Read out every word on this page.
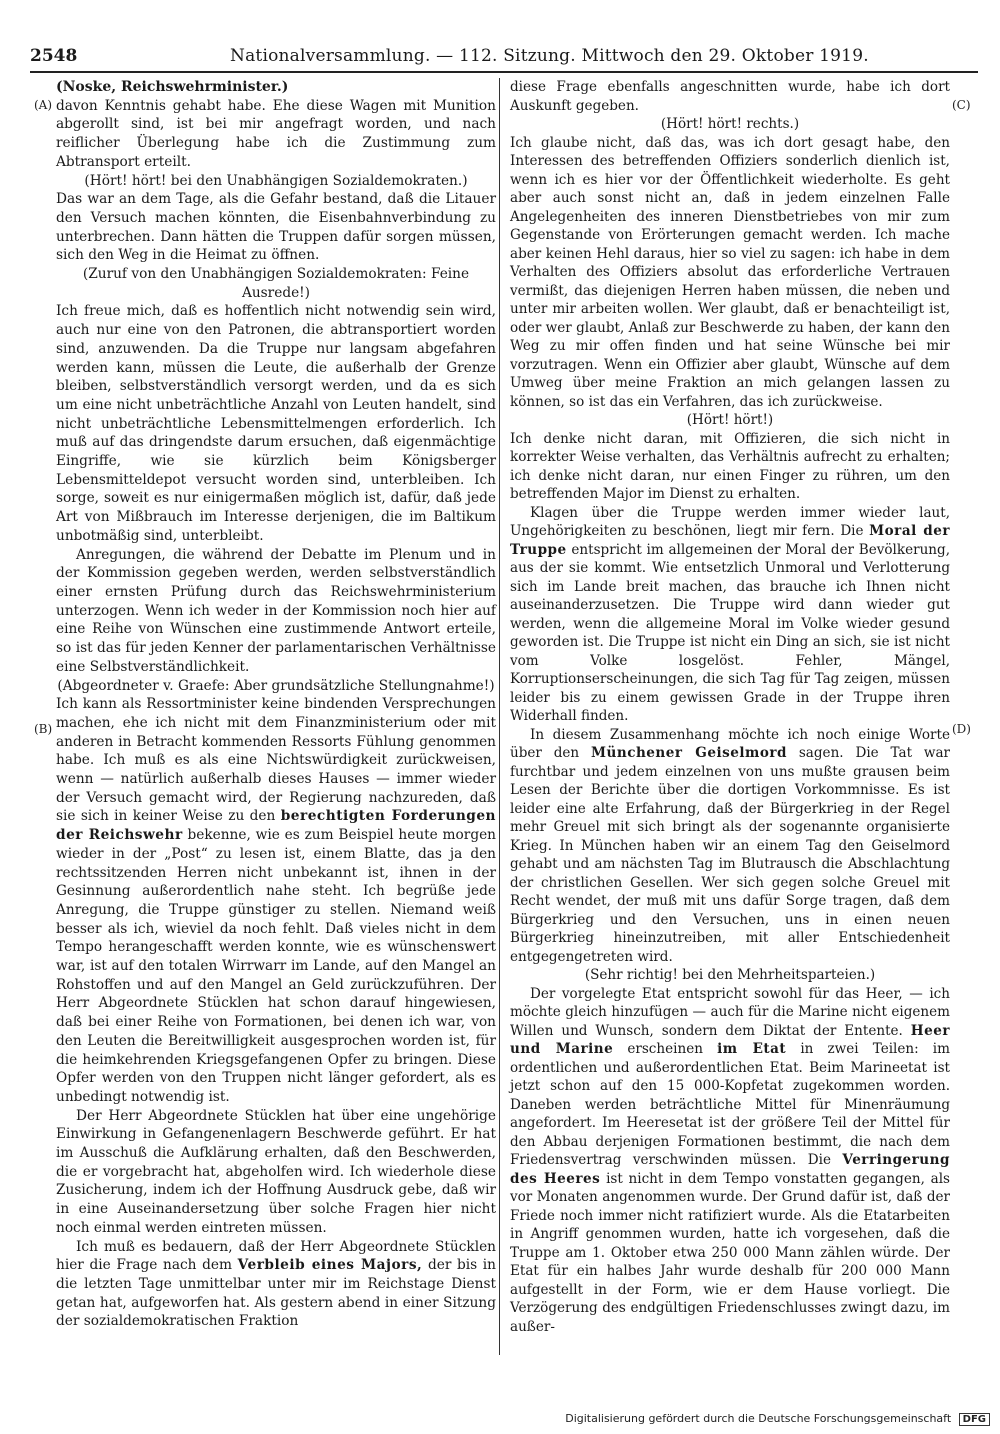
2548	Nationalversammlung. — 112. Sitzung. Mittwoch den 29. Oktober 1919.
(A)
(B)
(C)
(D)

(Noske, Reichswehrminister.)

davon Kenntnis gehabt habe. Ehe diese Wagen mit Munition abgerollt sind, ist bei mir angefragt worden, und nach reiflicher Überlegung habe ich die Zustimmung zum Abtransport erteilt.

(Hört! hört! bei den Unabhängigen Sozialdemokraten.)

Das war an dem Tage, als die Gefahr bestand, daß die Litauer den Versuch machen könnten, die Eisenbahnverbindung zu unterbrechen. Dann hätten die Truppen dafür sorgen müssen, sich den Weg in die Heimat zu öffnen.

(Zuruf von den Unabhängigen Sozialdemokraten: Feine Ausrede!)

Ich freue mich, daß es hoffentlich nicht notwendig sein wird, auch nur eine von den Patronen, die abtransportiert worden sind, anzuwenden. Da die Truppe nur langsam abgefahren werden kann, müssen die Leute, die außerhalb der Grenze bleiben, selbstverständlich versorgt werden, und da es sich um eine nicht unbeträchtliche Anzahl von Leuten handelt, sind nicht unbeträchtliche Lebensmittelmengen erforderlich. Ich muß auf das dringendste darum ersuchen, daß eigenmächtige Eingriffe, wie sie kürzlich beim Königsberger Lebensmitteldepot versucht worden sind, unterbleiben. Ich sorge, soweit es nur einigermaßen möglich ist, dafür, daß jede Art von Mißbrauch im Interesse derjenigen, die im Baltikum unbotmäßig sind, unterbleibt.

Anregungen, die während der Debatte im Plenum und in der Kommission gegeben werden, werden selbstverständlich einer ernsten Prüfung durch das Reichswehrministerium unterzogen. Wenn ich weder in der Kommission noch hier auf eine Reihe von Wünschen eine zustimmende Antwort erteile, so ist das für jeden Kenner der parlamentarischen Verhältnisse eine Selbstverständlichkeit.

(Abgeordneter v. Graefe: Aber grundsätzliche Stellungnahme!)

Ich kann als Ressortminister keine bindenden Versprechungen machen, ehe ich nicht mit dem Finanzministerium oder mit anderen in Betracht kommenden Ressorts Fühlung genommen habe. Ich muß es als eine Nichtswürdigkeit zurückweisen, wenn — natürlich außerhalb dieses Hauses — immer wieder der Versuch gemacht wird, der Regierung nachzureden, daß sie sich in keiner Weise zu den berechtigten Forderungen der Reichswehr bekenne, wie es zum Beispiel heute morgen wieder in der „Post“ zu lesen ist, einem Blatte, das ja den rechtssitzenden Herren nicht unbekannt ist, ihnen in der Gesinnung außerordentlich nahe steht. Ich begrüße jede Anregung, die Truppe günstiger zu stellen. Niemand weiß besser als ich, wieviel da noch fehlt. Daß vieles nicht in dem Tempo herangeschafft werden konnte, wie es wünschenswert war, ist auf den totalen Wirrwarr im Lande, auf den Mangel an Rohstoffen und auf den Mangel an Geld zurückzuführen. Der Herr Abgeordnete Stücklen hat schon darauf hingewiesen, daß bei einer Reihe von Formationen, bei denen ich war, von den Leuten die Bereitwilligkeit ausgesprochen worden ist, für die heimkehrenden Kriegsgefangenen Opfer zu bringen. Diese Opfer werden von den Truppen nicht länger gefordert, als es unbedingt notwendig ist.

Der Herr Abgeordnete Stücklen hat über eine ungehörige Einwirkung in Gefangenenlagern Beschwerde geführt. Er hat im Ausschuß die Aufklärung erhalten, daß den Beschwerden, die er vorgebracht hat, abgeholfen wird. Ich wiederhole diese Zusicherung, indem ich der Hoffnung Ausdruck gebe, daß wir in eine Auseinandersetzung über solche Fragen hier nicht noch einmal werden eintreten müssen.

Ich muß es bedauern, daß der Herr Abgeordnete Stücklen hier die Frage nach dem Verbleib eines Majors, der bis in die letzten Tage unmittelbar unter mir im Reichstage Dienst getan hat, aufgeworfen hat. Als gestern abend in einer Sitzung der sozialdemokratischen Fraktion

diese Frage ebenfalls angeschnitten wurde, habe ich dort Auskunft gegeben.

(Hört! hört! rechts.)

Ich glaube nicht, daß das, was ich dort gesagt habe, den Interessen des betreffenden Offiziers sonderlich dienlich ist, wenn ich es hier vor der Öffentlichkeit wiederholte. Es geht aber auch sonst nicht an, daß in jedem einzelnen Falle Angelegenheiten des inneren Dienstbetriebes von mir zum Gegenstande von Erörterungen gemacht werden. Ich mache aber keinen Hehl daraus, hier so viel zu sagen: ich habe in dem Verhalten des Offiziers absolut das erforderliche Vertrauen vermißt, das diejenigen Herren haben müssen, die neben und unter mir arbeiten wollen. Wer glaubt, daß er benachteiligt ist, oder wer glaubt, Anlaß zur Beschwerde zu haben, der kann den Weg zu mir offen finden und hat seine Wünsche bei mir vorzutragen. Wenn ein Offizier aber glaubt, Wünsche auf dem Umweg über meine Fraktion an mich gelangen lassen zu können, so ist das ein Verfahren, das ich zurückweise.

(Hört! hört!)

Ich denke nicht daran, mit Offizieren, die sich nicht in korrekter Weise verhalten, das Verhältnis aufrecht zu erhalten; ich denke nicht daran, nur einen Finger zu rühren, um den betreffenden Major im Dienst zu erhalten.

Klagen über die Truppe werden immer wieder laut, Ungehörigkeiten zu beschönen, liegt mir fern. Die Moral der Truppe entspricht im allgemeinen der Moral der Bevölkerung, aus der sie kommt. Wie entsetzlich Unmoral und Verlotterung sich im Lande breit machen, das brauche ich Ihnen nicht auseinanderzusetzen. Die Truppe wird dann wieder gut werden, wenn die allgemeine Moral im Volke wieder gesund geworden ist. Die Truppe ist nicht ein Ding an sich, sie ist nicht vom Volke losgelöst. Fehler, Mängel, Korruptionserscheinungen, die sich Tag für Tag zeigen, müssen leider bis zu einem gewissen Grade in der Truppe ihren Widerhall finden.

In diesem Zusammenhang möchte ich noch einige Worte über den Münchener Geiselmord sagen. Die Tat war furchtbar und jedem einzelnen von uns mußte grausen beim Lesen der Berichte über die dortigen Vorkommnisse. Es ist leider eine alte Erfahrung, daß der Bürgerkrieg in der Regel mehr Greuel mit sich bringt als der sogenannte organisierte Krieg. In München haben wir an einem Tag den Geiselmord gehabt und am nächsten Tag im Blutrausch die Abschlachtung der christlichen Gesellen. Wer sich gegen solche Greuel mit Recht wendet, der muß mit uns dafür Sorge tragen, daß dem Bürgerkrieg und den Versuchen, uns in einen neuen Bürgerkrieg hineinzutreiben, mit aller Entschiedenheit entgegengetreten wird.

(Sehr richtig! bei den Mehrheitsparteien.)

Der vorgelegte Etat entspricht sowohl für das Heer, — ich möchte gleich hinzufügen — auch für die Marine nicht eigenem Willen und Wunsch, sondern dem Diktat der Entente. Heer und Marine erscheinen im Etat in zwei Teilen: im ordentlichen und außerordentlichen Etat. Beim Marineetat ist jetzt schon auf den 15 000-Kopfetat zugekommen worden. Daneben werden beträchtliche Mittel für Minenräumung angefordert. Im Heeresetat ist der größere Teil der Mittel für den Abbau derjenigen Formationen bestimmt, die nach dem Friedensvertrag verschwinden müssen. Die Verringerung des Heeres ist nicht in dem Tempo vonstatten gegangen, als vor Monaten angenommen wurde. Der Grund dafür ist, daß der Friede noch immer nicht ratifiziert wurde. Als die Etatarbeiten in Angriff genommen wurden, hatte ich vorgesehen, daß die Truppe am 1. Oktober etwa 250 000 Mann zählen würde. Der Etat für ein halbes Jahr wurde deshalb für 200 000 Mann aufgestellt in der Form, wie er dem Hause vorliegt. Die Verzögerung des endgültigen Friedenschlusses zwingt dazu, im außer-

Digitalisierung gefördert durch die Deutsche Forschungsgemeinschaft DFG
